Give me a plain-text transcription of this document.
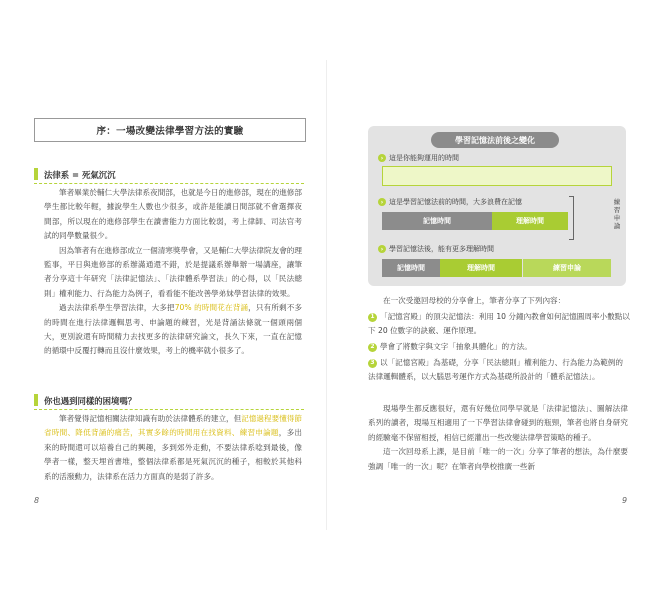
序：一場改變法律學習方法的實驗
法律系 = 死氣沉沉

筆者畢業於輔仁大學法律系夜間部，也就是今日的進修部，現在的進修部學生都比較年輕，據說學生人數也少很多，或許是能讀日間部就不會選擇夜間部，所以現在的進修部學生在讀書能力方面比較弱，考上律師、司法官考試的同學數量很少。

因為筆者有在進修部成立一個清寒獎學會，又是輔仁大學法律院友會的理監事，平日與進修部的系辦滿通還不錯，於是提議系辦舉辦一場講座，讓筆者分享這十年研究「法律記憶法」、「法律體系學習法」的心得，以「民法總則」權利能力、行為能力為例子，看看能不能改善學弟妹學習法律的效果。

過去法律系學生學習法律，大多把70% 的時間花在背誦，只有所剩不多的時間在進行法律邏輯思考、申論題的練習，光是背誦法條就一個頭兩個大，更別說還有時間精力去找更多的法律研究論文，長久下來，一直在記憶的循環中反覆打轉而且沒什麼效果，考上的機率就小很多了。

你也遇到同樣的困境嗎？

筆者覺得記憶相關法律知識有助於法律體系的建立，但記憶過程要懂得節省時間、降低背誦的痛苦，其實多餘的時間用在找資料、練習申論題，多出來的時間還可以培養自己的興趣，多到郊外走動，不要法律系唸到最後，像學者一樣，整天埋首書堆，整個法律系都是死氣沉沉的種子，相較於其他科系的活潑動力，法律系在活力方面真的是弱了許多。

8
學習記憶法前後之變化
› 這是你能夠運用的時間
› 這是學習記憶法前的時間，大多浪費在記憶
記憶時間	理解時間
練習申論
› 學習記憶法後，能有更多理解時間
記憶時間	理解時間	練習申論

在一次受邀回母校的分享會上，筆者分享了下列內容：

1 「記憶宮殿」的頂尖記憶法：利用 10 分鐘內教會如何記憶圓周率小數點以下 20 位數字的訣竅、運作原理。
2 學會了將數字與文字「抽象具體化」的方法。
3 以「記憶宮殿」為基礎，分享「民法總則」權利能力、行為能力為範例的法律邏輯體系，以大腦思考運作方式為基礎所設計的「體系記憶法」。

現場學生都反應很好，還有好幾位同學早就是「法律記憶法」、圖解法律系列的讀者，現場互相適用了一下學習法律會碰到的瓶頸，筆者也將自身研究的經驗毫不保留相授，相信已經灌出一些改變法律學習策略的種子。

這一次回母系上課，是目前「唯一的一次」分享了筆者的想法，為什麼要強調「唯一的一次」呢？在筆者向學校推廣一些新

9
